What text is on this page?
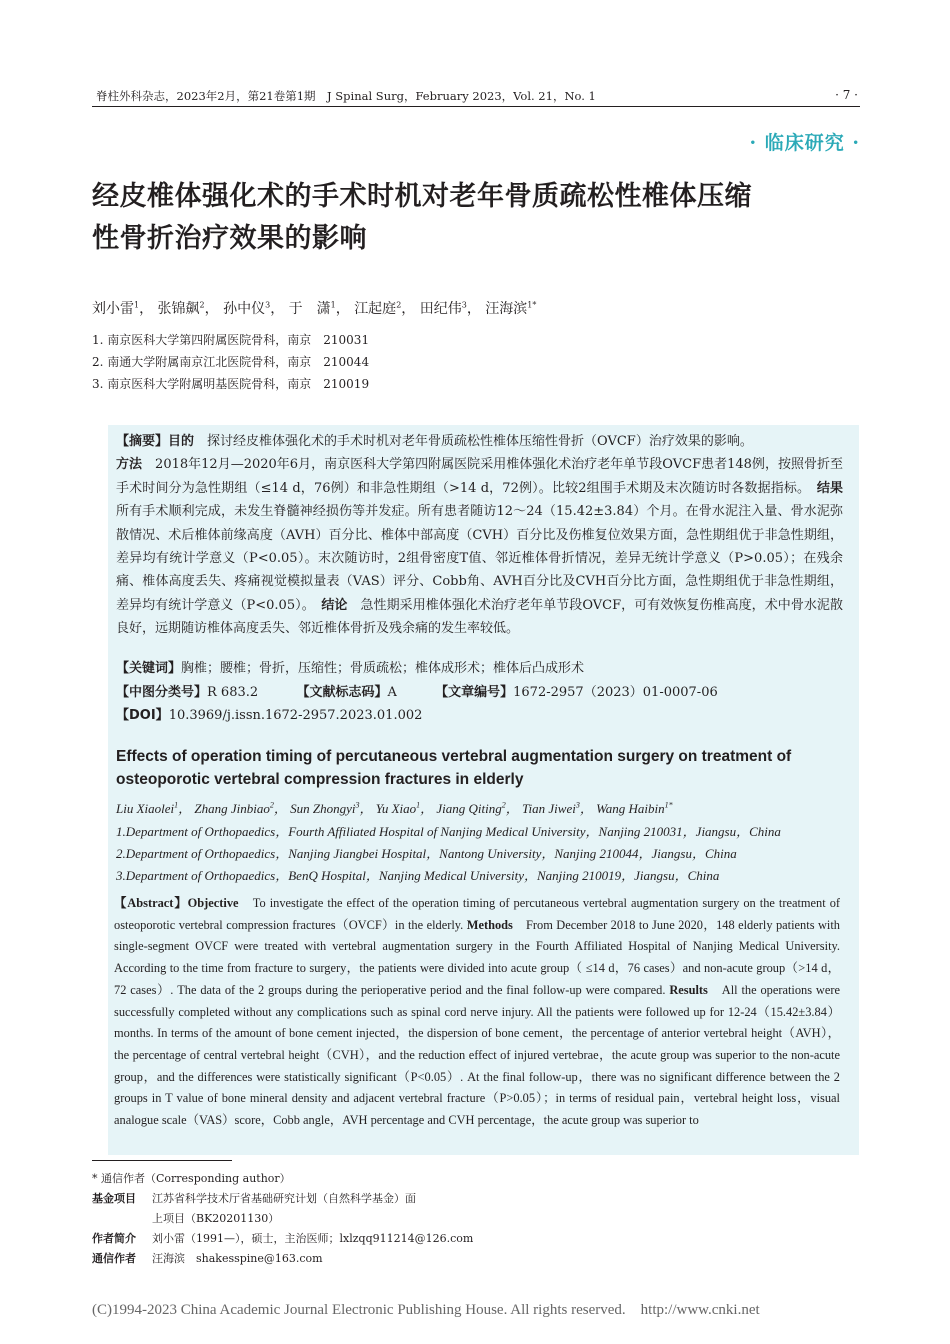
脊柱外科杂志，2023年2月，第21卷第1期　J Spinal Surg，February 2023，Vol. 21，No. 1	· 7 ·
· 临床研究 ·
经皮椎体强化术的手术时机对老年骨质疏松性椎体压缩
性骨折治疗效果的影响
刘小雷$^1$， 张锦飙$^2$， 孙中仪$^3$， 于　潇$^1$， 江起庭$^2$， 田纪伟$^3$， 汪海滨$^{1*}$
1. 南京医科大学第四附属医院骨科，南京　210031
2. 南通大学附属南京江北医院骨科，南京　210044
3. 南京医科大学附属明基医院骨科，南京　210019
【摘要】目的　 探讨经皮椎体强化术的手术时机对老年骨质疏松性椎体压缩性骨折（OVCF）治疗效果的影响。
方法　 2018年12月—2020年6月，南京医科大学第四附属医院采用椎体强化术治疗老年单节段OVCF患者148例，按照骨折至手术时间分为急性期组（≤14 d，76例）和非急性期组（>14 d，72例）。比较2组围手术期及末次随访时各数据指标。　 结果　所有手术顺利完成，未发生脊髓神经损伤等并发症。所有患者随访12～24（15.42±3.84）个月。在骨水泥注入量、骨水泥弥散情况、术后椎体前缘高度（AVH）百分比、椎体中部高度（CVH）百分比及伤椎复位效果方面，急性期组优于非急性期组，差异均有统计学意义（P<0.05）。末次随访时，2组骨密度T值、邻近椎体骨折情况，差异无统计学意义（P>0.05）；在残余痛、椎体高度丢失、疼痛视觉模拟量表（VAS）评分、Cobb角、AVH百分比及CVH百分比方面，急性期组优于非急性期组，差异均有统计学意义（P<0.05）。　 结论　 急性期采用椎体强化术治疗老年单节段OVCF，可有效恢复伤椎高度，术中骨水泥散良好，远期随访椎体高度丢失、邻近椎体骨折及残余痛的发生率较低。
【关键词】胸椎；腰椎；骨折，压缩性；骨质疏松；椎体成形术；椎体后凸成形术
【中图分类号】R 683.2	【文献标志码】A	【文章编号】1672-2957（2023）01-0007-06
【DOI】10.3969/j.issn.1672-2957.2023.01.002
Effects of operation timing of percutaneous vertebral augmentation surgery on treatment of
osteoporotic vertebral compression fractures in elderly
Liu Xiaolei$^1$， Zhang Jinbiao$^2$， Sun Zhongyi$^3$， Yu Xiao$^1$， Jiang Qiting$^2$， Tian Jiwei$^3$， Wang Haibin$^{1*}$
1.Department of Orthopaedics，Fourth Affiliated Hospital of Nanjing Medical University，Nanjing 210031，Jiangsu，China
2.Department of Orthopaedics，Nanjing Jiangbei Hospital，Nantong University，Nanjing 210044，Jiangsu，China
3.Department of Orthopaedics，BenQ Hospital，Nanjing Medical University，Nanjing 210019，Jiangsu，China
【Abstract】Objective　 To investigate the effect of the operation timing of percutaneous vertebral augmentation surgery on the treatment of osteoporotic vertebral compression fractures（OVCF）in the elderly. Methods　 From December 2018 to June 2020，148 elderly patients with single-segment OVCF were treated with vertebral augmentation surgery in the Fourth Affiliated Hospital of Nanjing Medical University. According to the time from fracture to surgery，the patients were divided into acute group（ ≤14 d，76 cases）and non-acute group（>14 d，72 cases）. The data of the 2 groups during the perioperative period and the final follow-up were compared. Results　 All the operations were successfully completed without any complications such as spinal cord nerve injury. All the patients were followed up for 12-24（15.42±3.84）months. In terms of the amount of bone cement injected，the dispersion of bone cement，the percentage of anterior vertebral height（AVH），the percentage of central vertebral height（CVH），and the reduction effect of injured vertebrae，the acute group was superior to the non-acute group，and the differences were statistically significant（P<0.05）. At the final follow-up，there was no significant difference between the 2 groups in T value of bone mineral density and adjacent vertebral fracture（P>0.05）；in terms of residual pain，vertebral height loss，visual analogue scale（VAS）score，Cobb angle，AVH percentage and CVH percentage，the acute group was superior to
* 通信作者（Corresponding author）
基金项目 江苏省科学技术厅省基础研究计划（自然科学基金）面
上项目（BK20201130）
作者简介 刘小雷（1991—），硕士，主治医师；lxlzqq911214@126.com
通信作者 汪海滨　shakesspine@163.com
(C)1994-2023 China Academic Journal Electronic Publishing House. All rights reserved.　http://www.cnki.net
